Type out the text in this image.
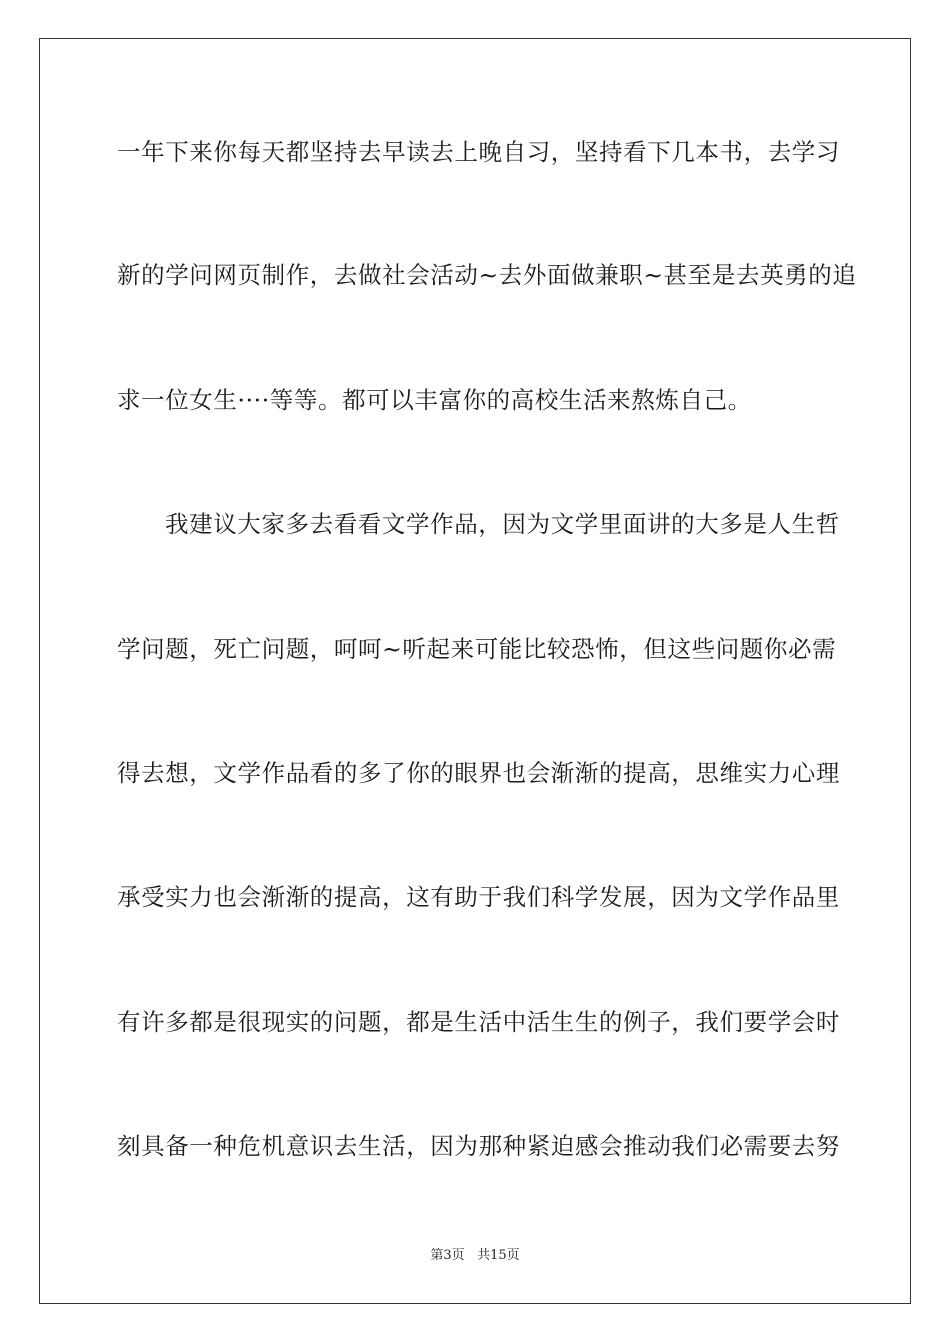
一年下来你每天都坚持去早读去上晚自习，坚持看下几本书，去学习
新的学问网页制作，去做社会活动~去外面做兼职~甚至是去英勇的追
求一位女生····等等。都可以丰富你的高校生活来熬炼自己。
我建议大家多去看看文学作品，因为文学里面讲的大多是人生哲
学问题，死亡问题，呵呵~听起来可能比较恐怖，但这些问题你必需
得去想，文学作品看的多了你的眼界也会渐渐的提高，思维实力心理
承受实力也会渐渐的提高，这有助于我们科学发展，因为文学作品里
有许多都是很现实的问题，都是生活中活生生的例子，我们要学会时
刻具备一种危机意识去生活，因为那种紧迫感会推动我们必需要去努
第3页 共15页
